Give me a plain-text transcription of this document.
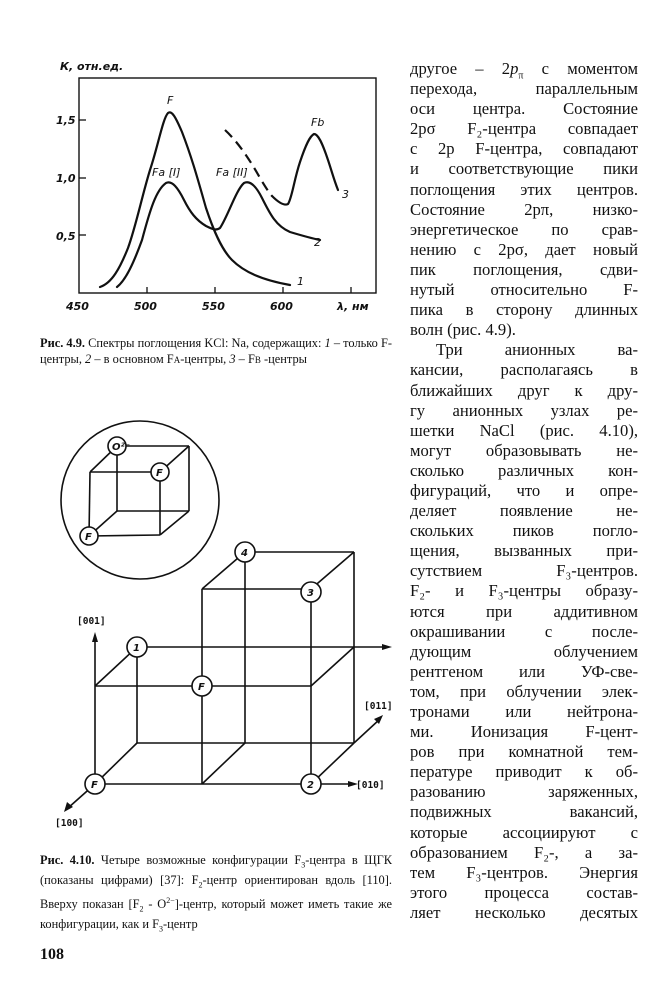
К, отн.ед.
1,5
1,0
0,5
450	500	550	600	λ, нм
F
Fa [I]	Fa [II]
Fb
1
2
3
O²⁻
F
F
F
F
1
2
3
4
[001]
[100]
[010]
[011]
Рис. 4.9. Спектры поглощения KCl: Na, содержащих: 1 – только F-центры, 2 – в основном FA-центры, 3 – FB -центры
Рис. 4.10. Четыре возможные конфигурации $F_3$-центра в ЩГК (показаны цифрами) [37]: $F_2$-центр ориентирован вдоль [110]. Вверху показан [$F_2$ - $O^{2-}$]-центр, который может иметь такие же конфигурации, как и $F_3$-центр
другое – $2p_\pi$ с моментом
перехода, параллельным
оси центра. Состояние
2pσ F₂-центра совпадает
с 2p F-центра, совпадают
и соответствующие пики
поглощения этих центров.
Состояние 2pπ, низко-
энергетическое по срав-
нению с 2pσ, дает новый
пик поглощения, сдви-
нутый относительно F-
пика в сторону длинных
волн (рис. 4.9).
Три анионных ва-
кансии, располагаясь в
ближайших друг к дру-
гу анионных узлах ре-
шетки NaCl (рис. 4.10),
могут образовывать не-
сколько различных кон-
фигураций, что и опре-
деляет появление не-
скольких пиков погло-
щения, вызванных при-
сутствием F₃-центров.
F₂- и F₃-центры образу-
ются при аддитивном
окрашивании с после-
дующим облучением
рентгеном или УФ-све-
том, при облучении элек-
тронами или нейтрона-
ми. Ионизация F-цент-
ров при комнатной тем-
пературе приводит к об-
разованию заряженных,
подвижных вакансий,
которые ассоциируют с
образованием F₂-, а за-
тем F₃-центров. Энергия
этого процесса состав-
ляет несколько десятых
108
